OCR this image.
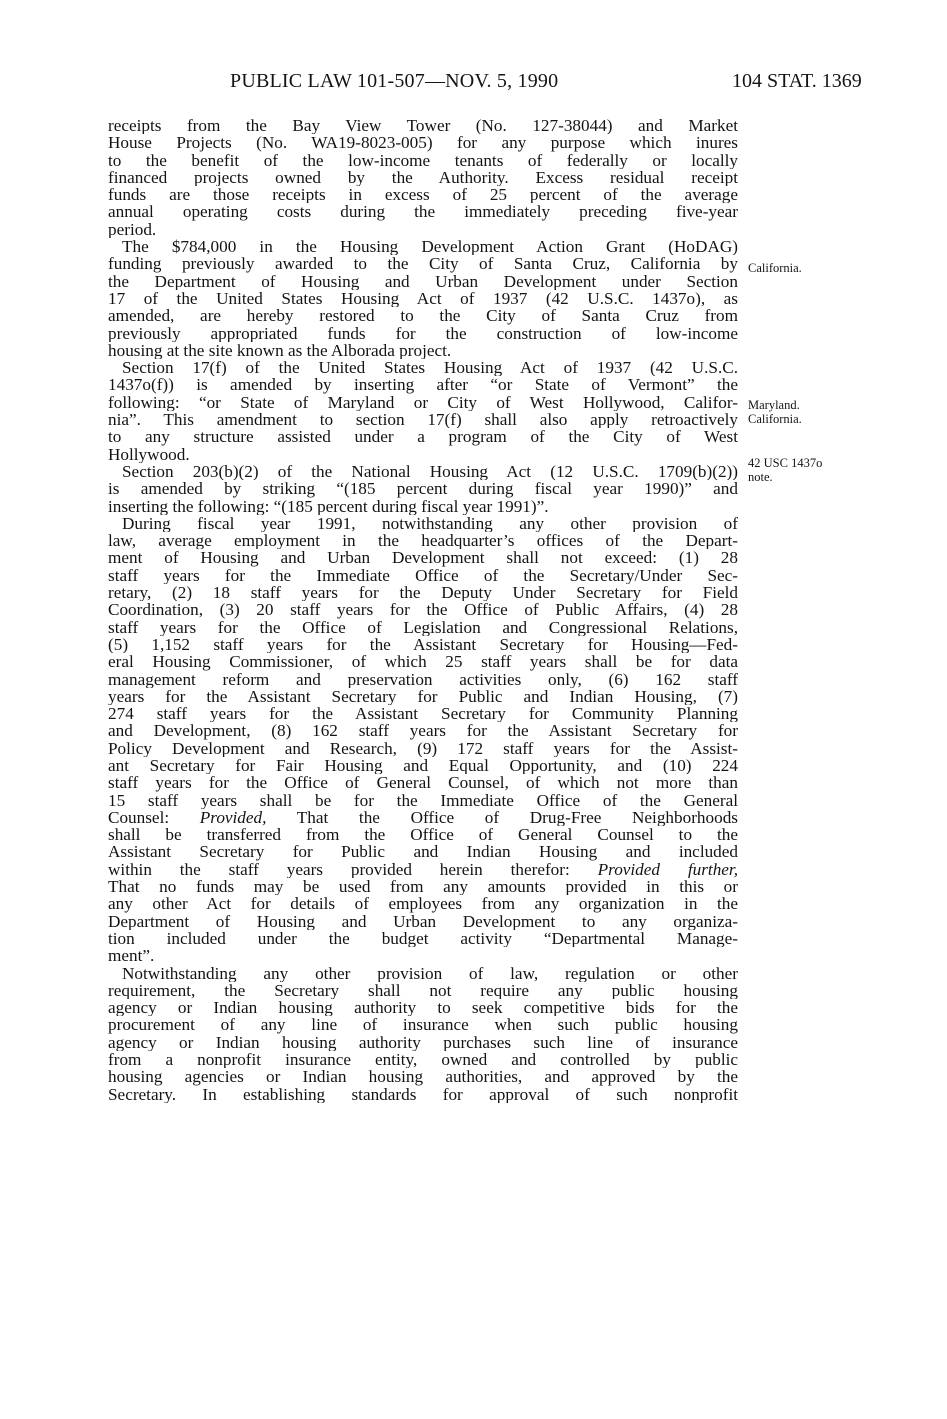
PUBLIC LAW 101-507—NOV. 5, 1990	104 STAT. 1369
receipts from the Bay View Tower (No. 127-38044) and Market
House Projects (No. WA19-8023-005) for any purpose which inures
to the benefit of the low-income tenants of federally or locally
financed projects owned by the Authority. Excess residual receipt
funds are those receipts in excess of 25 percent of the average
annual operating costs during the immediately preceding five-year
period.
The $784,000 in the Housing Development Action Grant (HoDAG)
funding previously awarded to the City of Santa Cruz, California by
the Department of Housing and Urban Development under Section
17 of the United States Housing Act of 1937 (42 U.S.C. 1437o), as
amended, are hereby restored to the City of Santa Cruz from
previously appropriated funds for the construction of low-income
housing at the site known as the Alborada project.
Section 17(f) of the United States Housing Act of 1937 (42 U.S.C.
1437o(f)) is amended by inserting after “or State of Vermont” the
following: “or State of Maryland or City of West Hollywood, Califor-
nia”. This amendment to section 17(f) shall also apply retroactively
to any structure assisted under a program of the City of West
Hollywood.
Section 203(b)(2) of the National Housing Act (12 U.S.C. 1709(b)(2))
is amended by striking “(185 percent during fiscal year 1990)” and
inserting the following: “(185 percent during fiscal year 1991)”.
During fiscal year 1991, notwithstanding any other provision of
law, average employment in the headquarter’s offices of the Depart-
ment of Housing and Urban Development shall not exceed: (1) 28
staff years for the Immediate Office of the Secretary/Under Sec-
retary, (2) 18 staff years for the Deputy Under Secretary for Field
Coordination, (3) 20 staff years for the Office of Public Affairs, (4) 28
staff years for the Office of Legislation and Congressional Relations,
(5) 1,152 staff years for the Assistant Secretary for Housing—Fed-
eral Housing Commissioner, of which 25 staff years shall be for data
management reform and preservation activities only, (6) 162 staff
years for the Assistant Secretary for Public and Indian Housing, (7)
274 staff years for the Assistant Secretary for Community Planning
and Development, (8) 162 staff years for the Assistant Secretary for
Policy Development and Research, (9) 172 staff years for the Assist-
ant Secretary for Fair Housing and Equal Opportunity, and (10) 224
staff years for the Office of General Counsel, of which not more than
15 staff years shall be for the Immediate Office of the General
Counsel: Provided, That the Office of Drug-Free Neighborhoods
shall be transferred from the Office of General Counsel to the
Assistant Secretary for Public and Indian Housing and included
within the staff years provided herein therefor: Provided further,
That no funds may be used from any amounts provided in this or
any other Act for details of employees from any organization in the
Department of Housing and Urban Development to any organiza-
tion included under the budget activity “Departmental Manage-
ment”.
Notwithstanding any other provision of law, regulation or other
requirement, the Secretary shall not require any public housing
agency or Indian housing authority to seek competitive bids for the
procurement of any line of insurance when such public housing
agency or Indian housing authority purchases such line of insurance
from a nonprofit insurance entity, owned and controlled by public
housing agencies or Indian housing authorities, and approved by the
Secretary. In establishing standards for approval of such nonprofit
California.
Maryland.
California.
42 USC 1437o
note.
